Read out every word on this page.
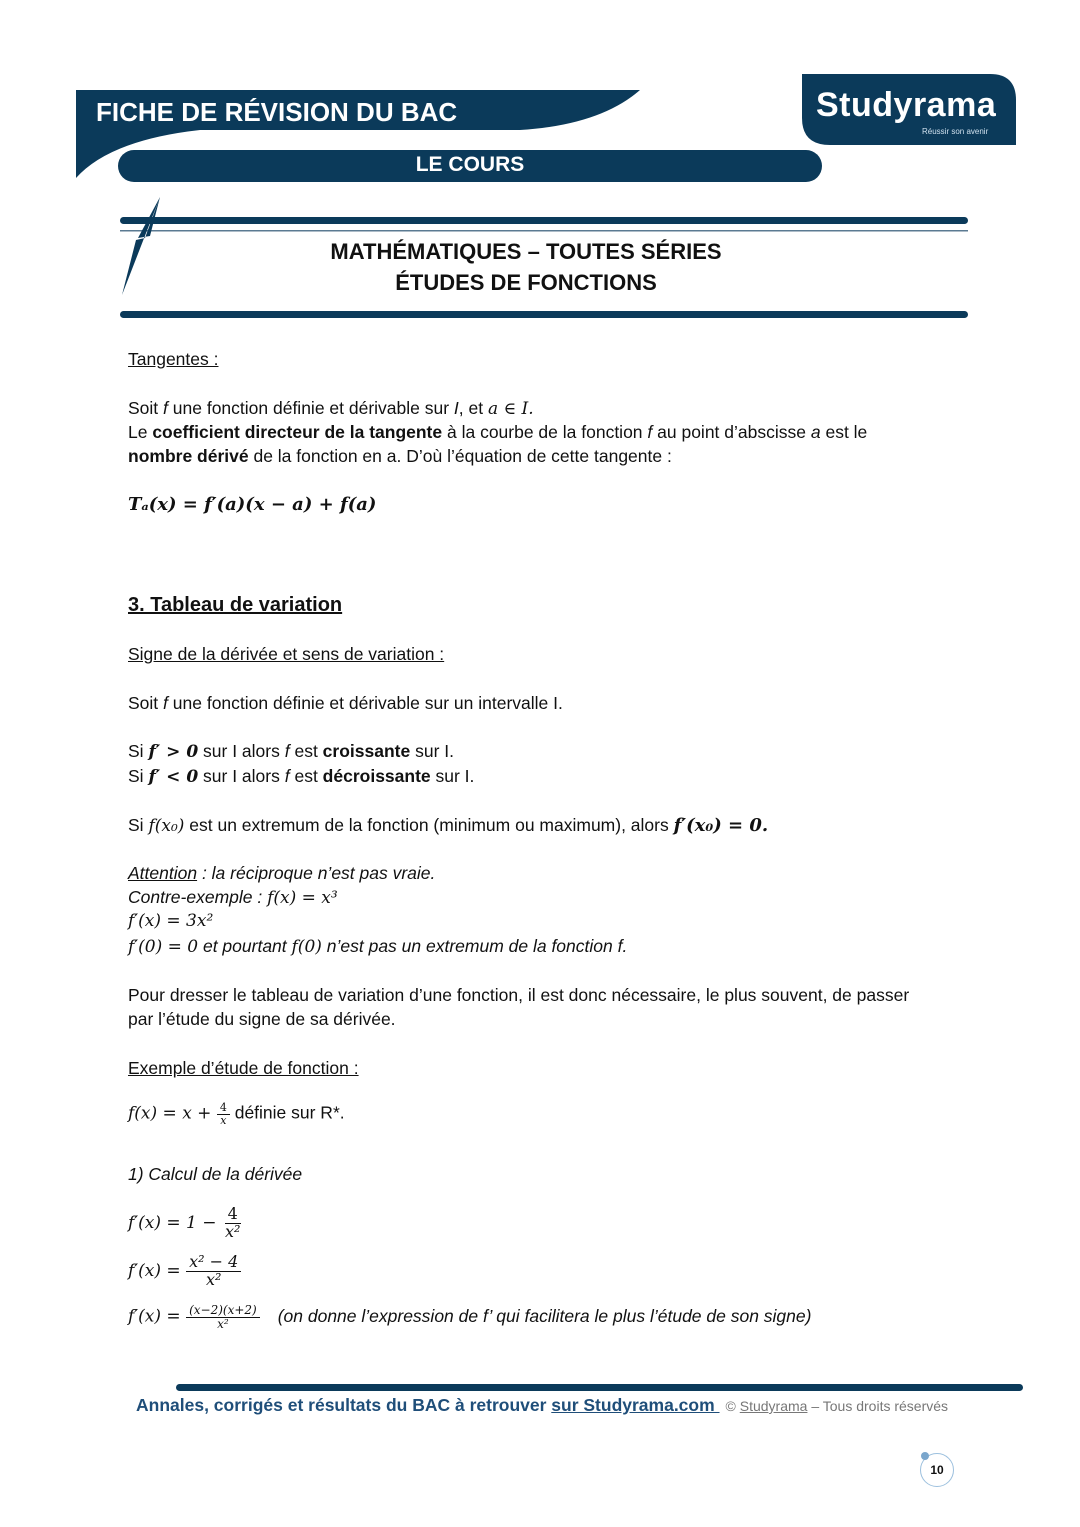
FICHE DE RÉVISION DU BAC
LE COURS
Studyrama
Réussir son avenir
MATHÉMATIQUES – TOUTES SÉRIES
ÉTUDES DE FONCTIONS
Tangentes :
Soit f une fonction définie et dérivable sur I, et a ∈ I.
Le coefficient directeur de la tangente à la courbe de la fonction f au point d’abscisse a est le
nombre dérivé de la fonction en a. D’où l’équation de cette tangente :
Tₐ(x) = f′(a)(x − a) + f(a)
3. Tableau de variation
Signe de la dérivée et sens de variation :
Soit f une fonction définie et dérivable sur un intervalle I.
Si f′ > 0 sur I alors f est croissante sur I.
Si f′ < 0 sur I alors f est décroissante sur I.
Si f(x₀) est un extremum de la fonction (minimum ou maximum), alors f′(x₀) = 0.
Attention : la réciproque n’est pas vraie.
Contre-exemple : f(x) = x³
f′(x) = 3x²
f′(0) = 0 et pourtant f(0) n’est pas un extremum de la fonction f.
Pour dresser le tableau de variation d’une fonction, il est donc nécessaire, le plus souvent, de passer
par l’étude du signe de sa dérivée.
Exemple d’étude de fonction :
$f(x) = x + \frac{4}{x}$ définie sur R*.
1) Calcul de la dérivée
$f'(x) = 1 - \frac{4}{\text{x²}}$
$f'(x) = \frac{\text{x² − 4}}{\text{x²}}$
$f'(x) = \frac{(x-2)(x+2)}{\text{x²}} (on$ donne l’expression de f’ qui facilitera le plus l’étude de son signe)
Annales, corrigés et résultats du BAC à retrouver sur Studyrama.com © Studyrama – Tous droits réservés
10
